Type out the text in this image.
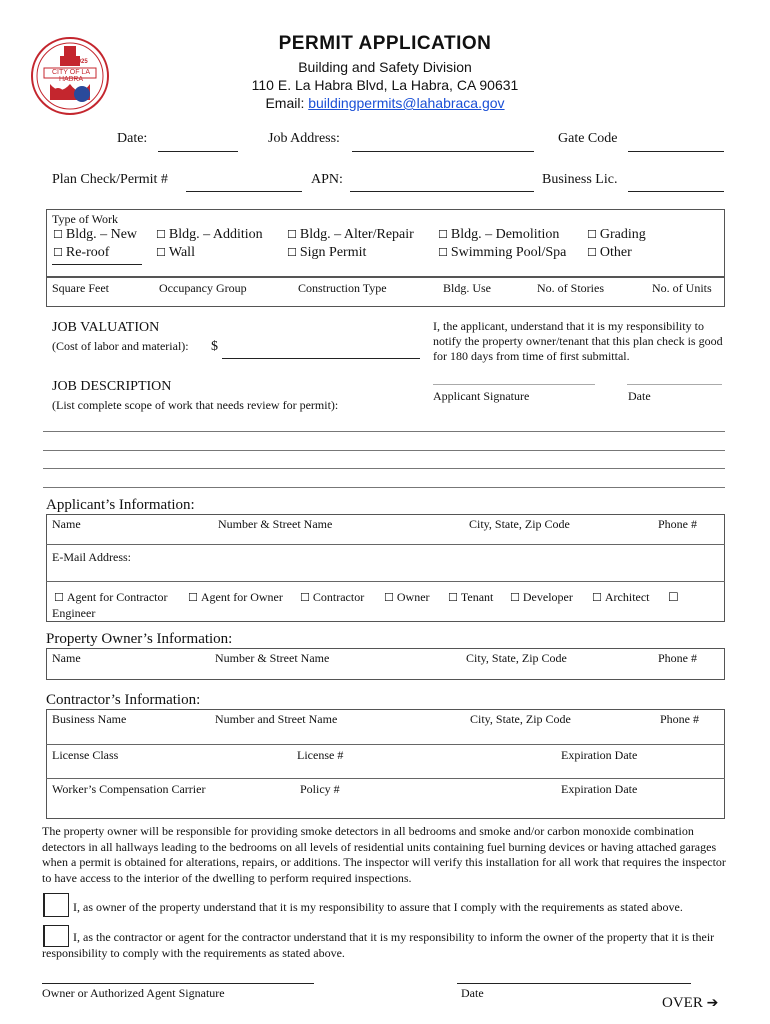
EST. 1925
CITY OF LA HABRA
PERMIT APPLICATION
Building and Safety Division
110 E. La Habra Blvd, La Habra, CA 90631
Email: buildingpermits@lahabraca.gov
Date:	Job Address:	Gate Code
Plan Check/Permit #	APN:	Business Lic.
Type of Work
☐ Bldg. – New ☐ Bldg. – Addition ☐ Bldg. – Alter/Repair ☐ Bldg. – Demolition	☐ Grading
☐ Re-roof	☐ Wall	☐ Sign Permit	☐ Swimming Pool/Spa ☐ Other
Square Feet	Occupancy Group	Construction Type	Bldg. Use	No. of Stories	No. of Units
JOB VALUATION
(Cost of labor and material): $
I, the applicant, understand that it is my responsibility to notify the property owner/tenant that this plan check is good for 180 days from time of first submittal.
JOB DESCRIPTION
(List complete scope of work that needs review for permit):
Applicant Signature	Date
Applicant’s Information:
Name	Number & Street Name	City, State, Zip Code	Phone #
E-Mail Address:
☐ Agent for Contractor ☐ Agent for Owner ☐ Contractor ☐ Owner ☐ Tenant ☐ Developer ☐ Architect ☐
Engineer
Property Owner’s Information:
Name	Number & Street Name	City, State, Zip Code	Phone #
Contractor’s Information:
Business Name	Number and Street Name	City, State, Zip Code	Phone #
License Class	License #	Expiration Date
Worker’s Compensation Carrier	Policy #	Expiration Date
The property owner will be responsible for providing smoke detectors in all bedrooms and smoke and/or carbon monoxide combination detectors in all hallways leading to the bedrooms on all levels of residential units containing fuel burning devices or having attached garages when a permit is obtained for alterations, repairs, or additions. The inspector will verify this installation for all work that requires the inspector to have access to the interior of the dwelling to perform required inspections.
I, as owner of the property understand that it is my responsibility to assure that I comply with the requirements as stated above.
I, as the contractor or agent for the contractor understand that it is my responsibility to inform the owner of the property that it is their responsibility to comply with the requirements as stated above.
Owner or Authorized Agent Signature	Date
OVER ➔
